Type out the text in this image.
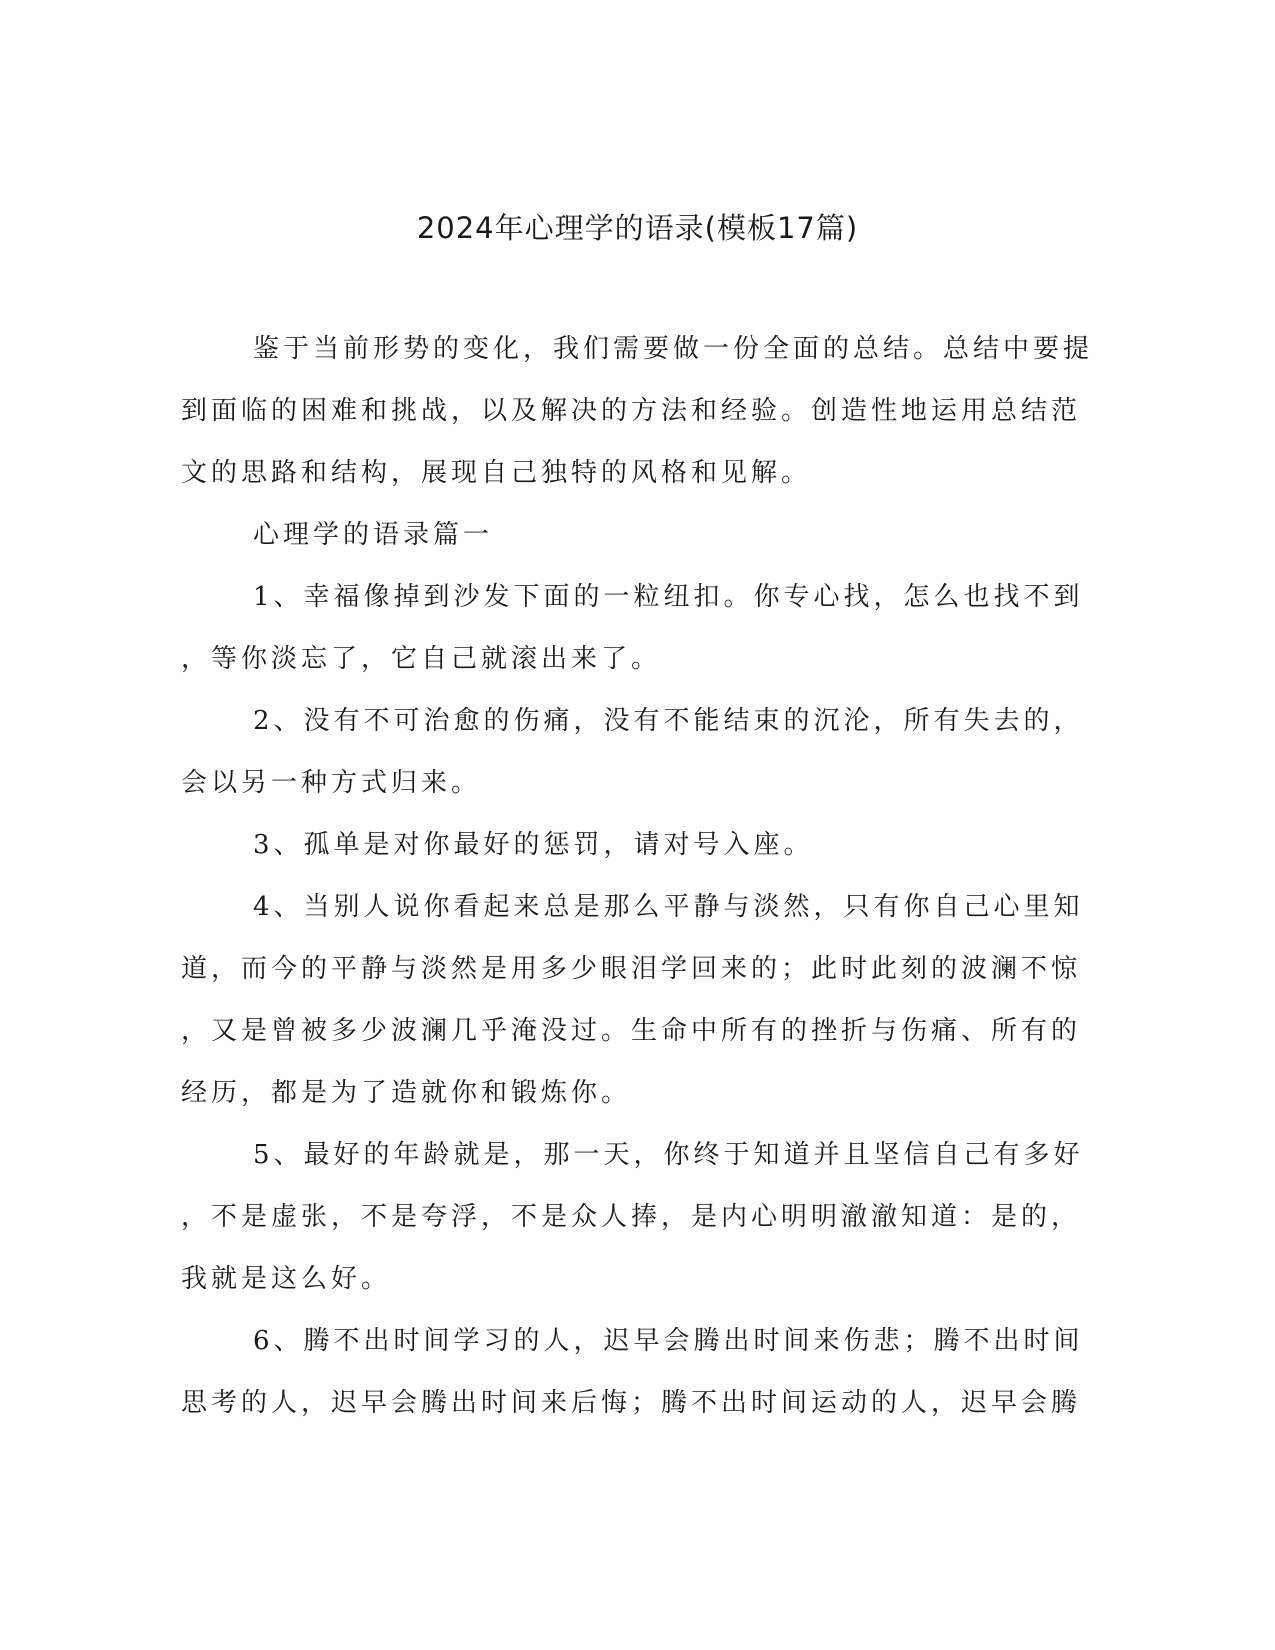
2024年心理学的语录(模板17篇)
鉴于当前形势的变化，我们需要做一份全面的总结。总结中要提
到面临的困难和挑战，以及解决的方法和经验。创造性地运用总结范
文的思路和结构，展现自己独特的风格和见解。
心理学的语录篇一
1、幸福像掉到沙发下面的一粒纽扣。你专心找，怎么也找不到
，等你淡忘了，它自己就滚出来了。
2、没有不可治愈的伤痛，没有不能结束的沉沦，所有失去的，
会以另一种方式归来。
3、孤单是对你最好的惩罚，请对号入座。
4、当别人说你看起来总是那么平静与淡然，只有你自己心里知
道，而今的平静与淡然是用多少眼泪学回来的；此时此刻的波澜不惊
，又是曾被多少波澜几乎淹没过。生命中所有的挫折与伤痛、所有的
经历，都是为了造就你和锻炼你。
5、最好的年龄就是，那一天，你终于知道并且坚信自己有多好
，不是虚张，不是夸浮，不是众人捧，是内心明明澈澈知道：是的，
我就是这么好。
6、腾不出时间学习的人，迟早会腾出时间来伤悲；腾不出时间
思考的人，迟早会腾出时间来后悔；腾不出时间运动的人，迟早会腾
